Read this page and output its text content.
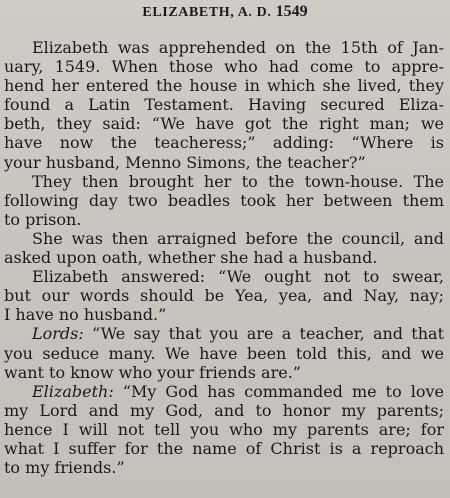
ELIZABETH, A. D. 1549
Elizabeth was apprehended on the 15th of Jan-
uary, 1549. When those who had come to appre-
hend her entered the house in which she lived, they
found a Latin Testament. Having secured Eliza-
beth, they said: “We have got the right man; we
have now the teacheress;” adding: “Where is
your husband, Menno Simons, the teacher?”
They then brought her to the town-house. The
following day two beadles took her between them
to prison.
She was then arraigned before the council, and
asked upon oath, whether she had a husband.
Elizabeth answered: “We ought not to swear,
but our words should be Yea, yea, and Nay, nay;
I have no husband.”
Lords: “We say that you are a teacher, and that
you seduce many. We have been told this, and we
want to know who your friends are.”
Elizabeth: “My God has commanded me to love
my Lord and my God, and to honor my parents;
hence I will not tell you who my parents are; for
what I suffer for the name of Christ is a reproach
to my friends.”
